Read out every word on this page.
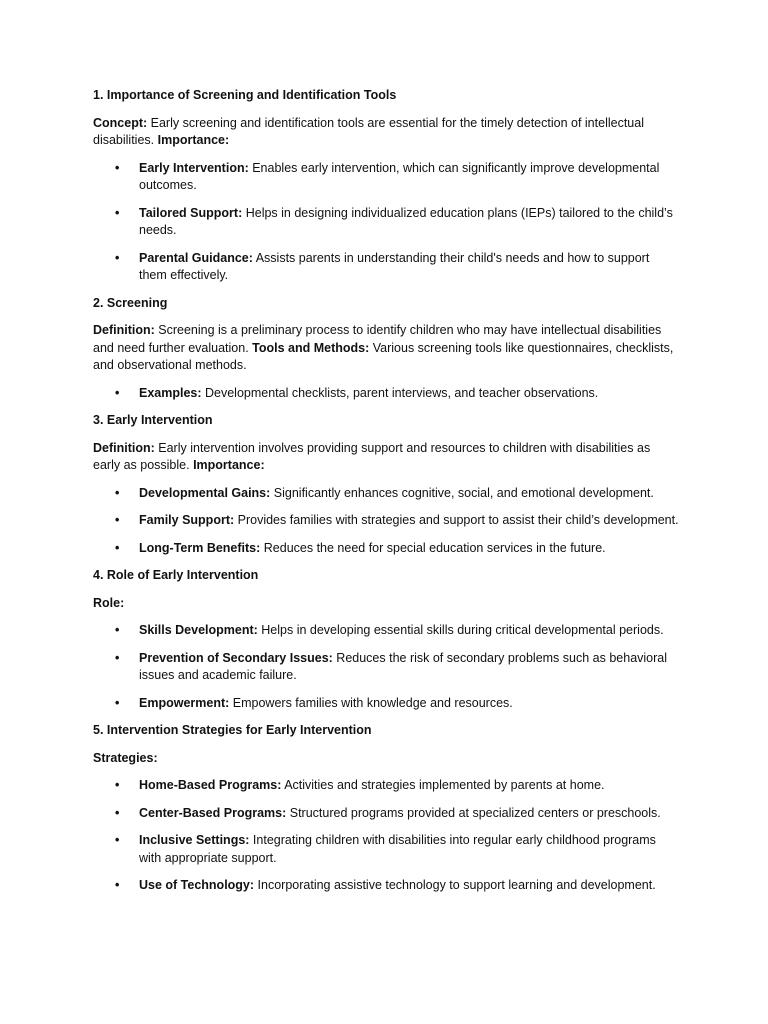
1. Importance of Screening and Identification Tools

Concept: Early screening and identification tools are essential for the timely detection of intellectual disabilities. Importance:

• Early Intervention: Enables early intervention, which can significantly improve developmental outcomes.
• Tailored Support: Helps in designing individualized education plans (IEPs) tailored to the child’s needs.
• Parental Guidance: Assists parents in understanding their child's needs and how to support them effectively.
2. Screening

Definition: Screening is a preliminary process to identify children who may have intellectual disabilities and need further evaluation. Tools and Methods: Various screening tools like questionnaires, checklists, and observational methods.

• Examples: Developmental checklists, parent interviews, and teacher observations.
3. Early Intervention

Definition: Early intervention involves providing support and resources to children with disabilities as early as possible. Importance:

• Developmental Gains: Significantly enhances cognitive, social, and emotional development.
• Family Support: Provides families with strategies and support to assist their child’s development.
• Long-Term Benefits: Reduces the need for special education services in the future.
4. Role of Early Intervention

Role:

• Skills Development: Helps in developing essential skills during critical developmental periods.
• Prevention of Secondary Issues: Reduces the risk of secondary problems such as behavioral issues and academic failure.
• Empowerment: Empowers families with knowledge and resources.
5. Intervention Strategies for Early Intervention

Strategies:

• Home-Based Programs: Activities and strategies implemented by parents at home.
• Center-Based Programs: Structured programs provided at specialized centers or preschools.
• Inclusive Settings: Integrating children with disabilities into regular early childhood programs with appropriate support.
• Use of Technology: Incorporating assistive technology to support learning and development.
